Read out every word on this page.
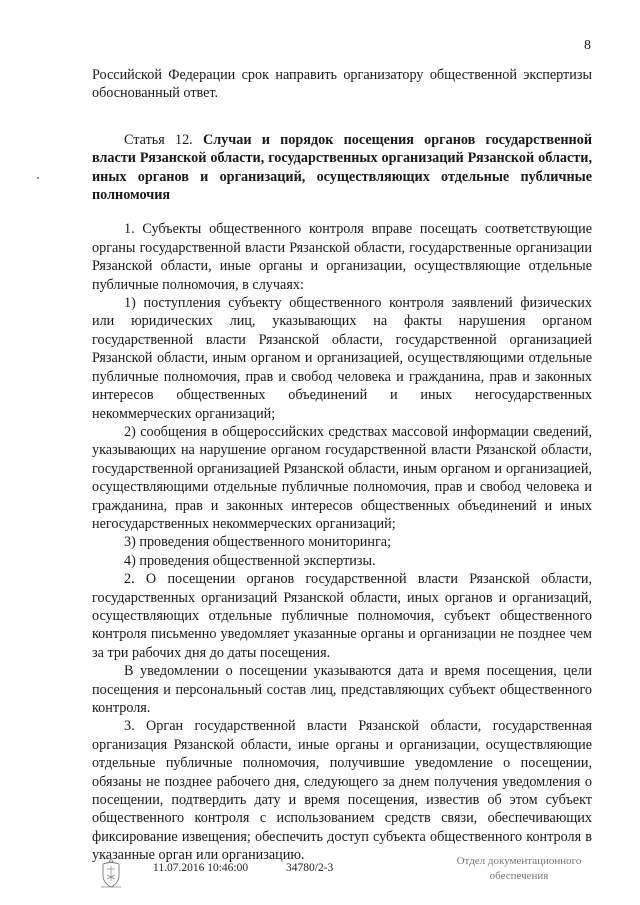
8

Российской Федерации срок направить организатору общественной экспертизы обоснованный ответ.

Статья 12. Случаи и порядок посещения органов государственной власти Рязанской области, государственных организаций Рязанской области, иных органов и организаций, осуществляющих отдельные публичные полномочия

1. Субъекты общественного контроля вправе посещать соответствующие органы государственной власти Рязанской области, государственные организации Рязанской области, иные органы и организации, осуществляющие отдельные публичные полномочия, в случаях:

1) поступления субъекту общественного контроля заявлений физических или юридических лиц, указывающих на факты нарушения органом государственной власти Рязанской области, государственной организацией Рязанской области, иным органом и организацией, осуществляющими отдельные публичные полномочия, прав и свобод человека и гражданина, прав и законных интересов общественных объединений и иных негосударственных некоммерческих организаций;

2) сообщения в общероссийских средствах массовой информации сведений, указывающих на нарушение органом государственной власти Рязанской области, государственной организацией Рязанской области, иным органом и организацией, осуществляющими отдельные публичные полномочия, прав и свобод человека и гражданина, прав и законных интересов общественных объединений и иных негосударственных некоммерческих организаций;

3) проведения общественного мониторинга;

4) проведения общественной экспертизы.

2. О посещении органов государственной власти Рязанской области, государственных организаций Рязанской области, иных органов и организаций, осуществляющих отдельные публичные полномочия, субъект общественного контроля письменно уведомляет указанные органы и организации не позднее чем за три рабочих дня до даты посещения.

В уведомлении о посещении указываются дата и время посещения, цели посещения и персональный состав лиц, представляющих субъект общественного контроля.

3. Орган государственной власти Рязанской области, государственная организация Рязанской области, иные органы и организации, осуществляющие отдельные публичные полномочия, получившие уведомление о посещении, обязаны не позднее рабочего дня, следующего за днем получения уведомления о посещении, подтвердить дату и время посещения, известив об этом субъект общественного контроля с использованием средств связи, обеспечивающих фиксирование извещения; обеспечить доступ субъекта общественного контроля в указанные орган или организацию.

11.07.2016 10:46:00	34780/2-3
Отдел документационного
обеспечения
